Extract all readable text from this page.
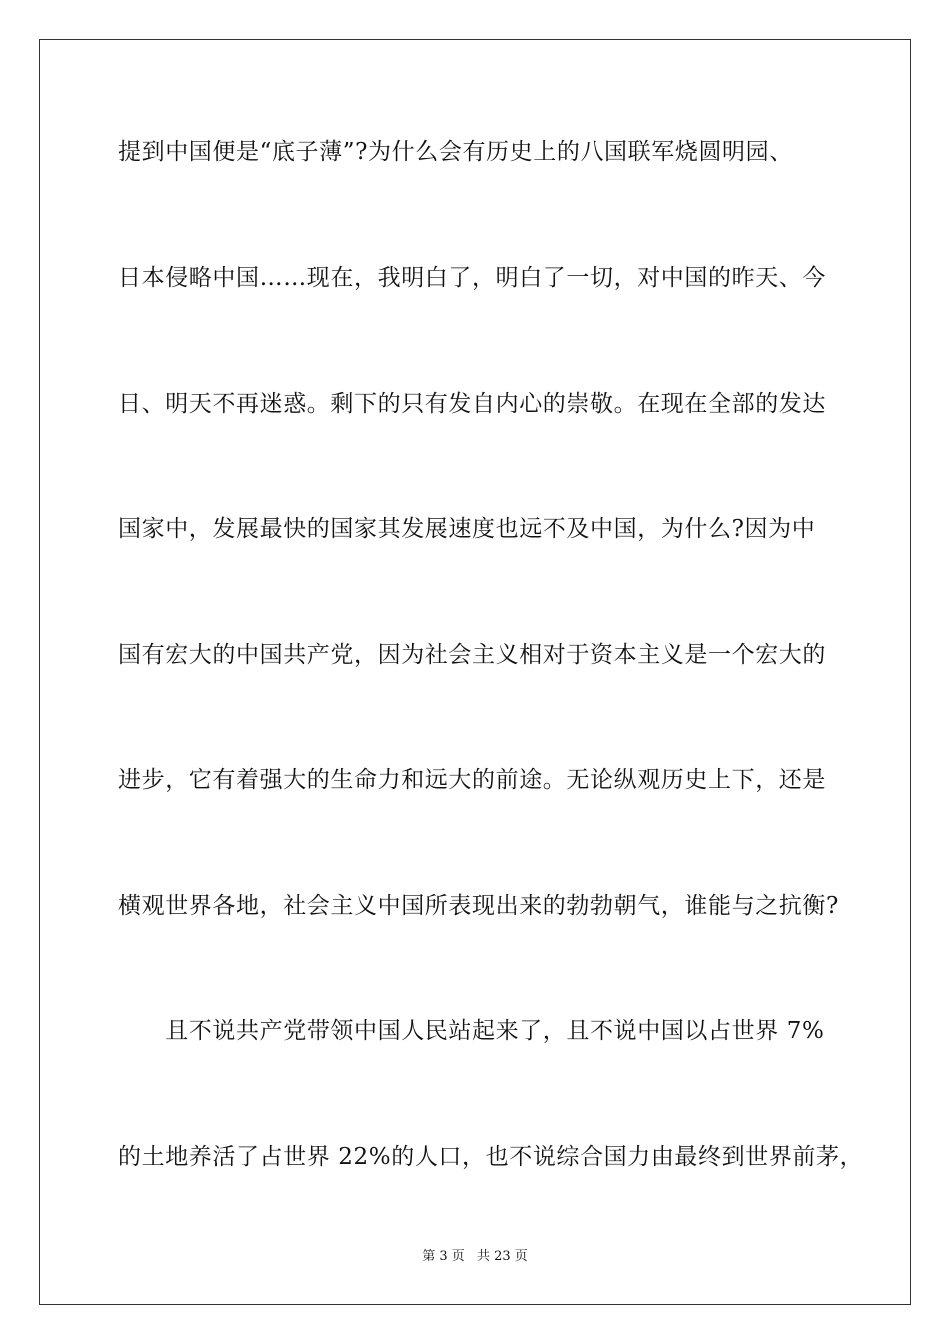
提到中国便是“底子薄”?为什么会有历史上的八国联军烧圆明园、
日本侵略中国……现在，我明白了，明白了一切，对中国的昨天、今
日、明天不再迷惑。剩下的只有发自内心的崇敬。在现在全部的发达
国家中，发展最快的国家其发展速度也远不及中国，为什么?因为中
国有宏大的中国共产党，因为社会主义相对于资本主义是一个宏大的
进步，它有着强大的生命力和远大的前途。无论纵观历史上下，还是
横观世界各地，社会主义中国所表现出来的勃勃朝气，谁能与之抗衡?
　　且不说共产党带领中国人民站起来了，且不说中国以占世界 7%
的土地养活了占世界 22%的人口，也不说综合国力由最终到世界前茅，
第 3 页 共 23 页
